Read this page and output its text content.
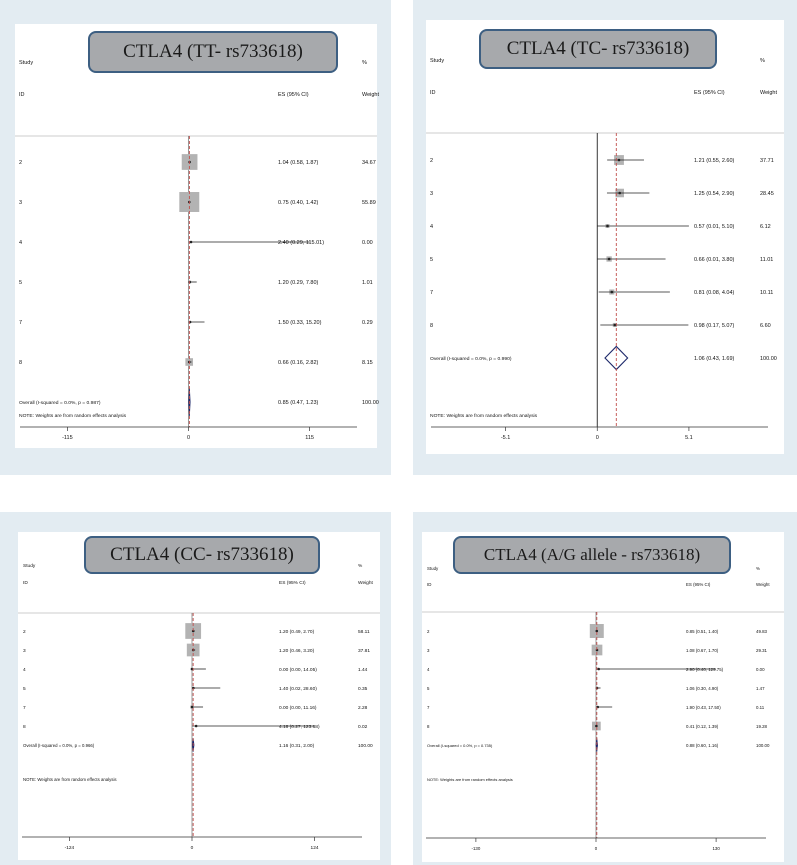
Study	%
ID	ES (95% CI)	Weight
2	1.04 (0.58, 1.87)	34.67
3	0.75 (0.40, 1.42)	55.89
4	2.40 (0.29, 115.01)	0.00
5	1.20 (0.29, 7.80)	1.01
7	1.50 (0.33, 15.20)	0.29
8	0.66 (0.16, 2.82)	8.15
Overall (I-squared = 0.0%, p = 0.987)	0.85 (0.47, 1.23)	100.00
NOTE: Weights are from random effects analysis
-115	0	115
CTLA4 (TT- rs733618)	Study	%
ID	ES (95% CI)	Weight
2	1.21 (0.55, 2.60)	37.71
3	1.25 (0.54, 2.90)	28.45
4	0.57 (0.01, 5.10)	6.12
5	0.66 (0.01, 3.80)	11.01
7	0.81 (0.08, 4.04)	10.11
8	0.98 (0.17, 5.07)	6.60
Overall (I-squared = 0.0%, p = 0.990)	1.06 (0.43, 1.69)	100.00
NOTE: Weights are from random effects analysis
-5.1	0	5.1
CTLA4 (TC- rs733618)
Study	%
ID	ES (95% CI)	Weight
2	1.20 (0.49, 2.70)	58.11
3	1.20 (0.46, 3.20)	37.81
4	0.00 (0.00, 14.05)	1.44
5	1.40 (0.02, 28.60)	0.35
7	0.00 (0.00, 11.16)	2.28
8	4.18 (0.27, 123.68)	0.02
Overall (I-squared = 0.0%, p = 0.966)	1.16 (0.31, 2.00)	100.00
NOTE: Weights are from random effects analysis
-124	0	124
CTLA4 (CC- rs733618)
Study	%
ID	ES (95% CI)	Weight
2	0.85 (0.51, 1.40)	49.83
3	1.08 (0.67, 1.70)	29.31
4	2.90 (0.40, 129.75)	0.00
5	1.06 (0.30, 4.90)	1.47
7	1.90 (0.43, 17.50)	0.11
8	0.41 (0.12, 1.39)	19.28
Overall (I-squared = 0.0%, p = 0.735)	0.88 (0.60, 1.16)	100.00
NOTE: Weights are from random effects analysis
-130	0	130
CTLA4 (A/G allele - rs733618)
